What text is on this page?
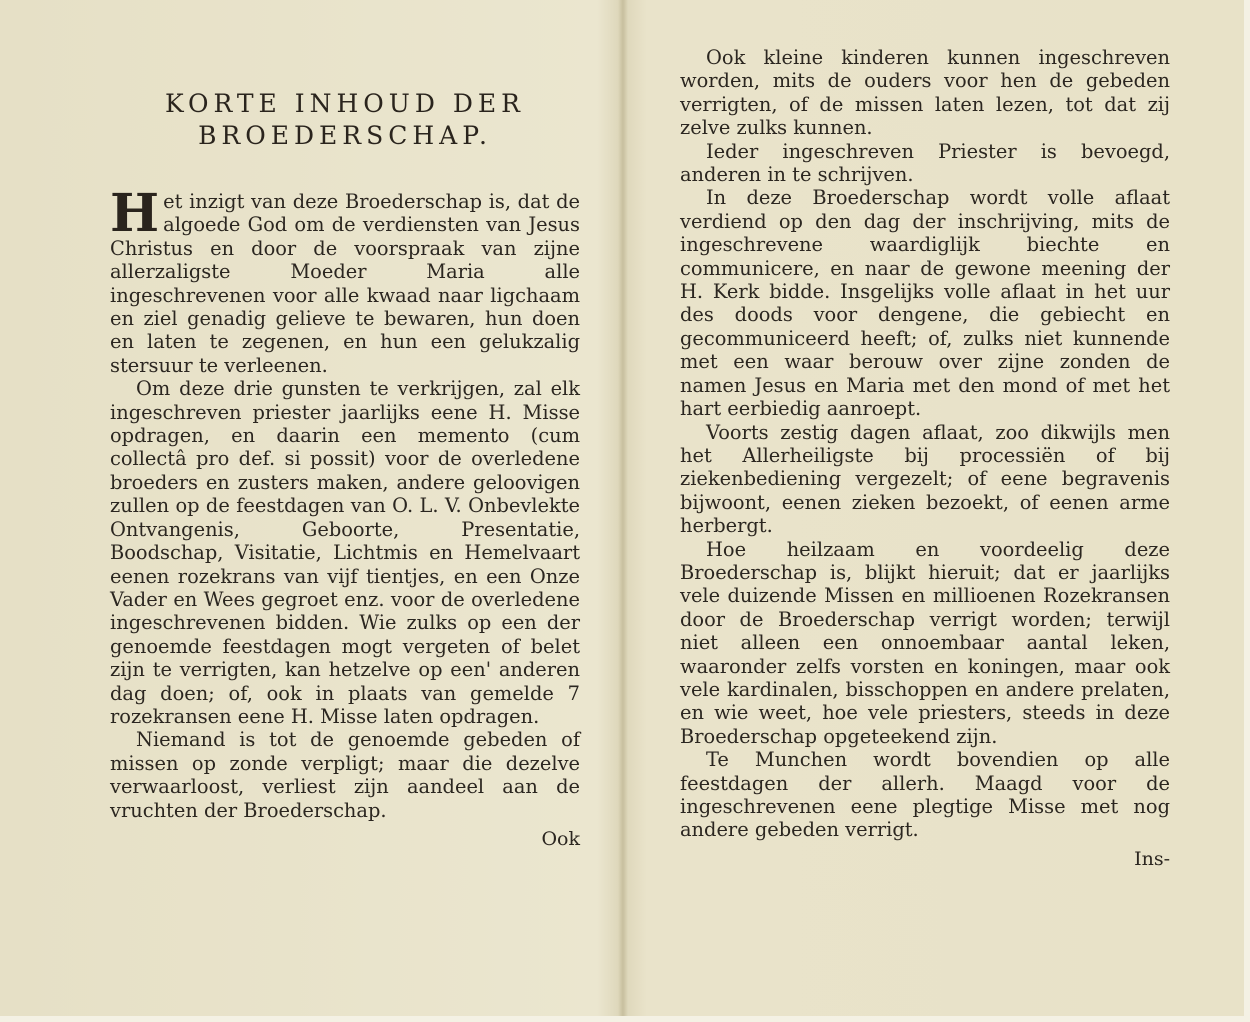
KORTE INHOUD DER
BROEDERSCHAP.

Het inzigt van deze Broederschap is, dat de algoede God om de verdiensten van Jesus Christus en door de voorspraak van zijne allerzaligste Moeder Maria alle ingeschrevenen voor alle kwaad naar ligchaam en ziel genadig gelieve te bewaren, hun doen en laten te zegenen, en hun een gelukzalig stersuur te verleenen.

Om deze drie gunsten te verkrijgen, zal elk ingeschreven priester jaarlijks eene H. Misse opdragen, en daarin een memento (cum collectâ pro def. si possit) voor de overledene broeders en zusters maken, andere geloovigen zullen op de feestdagen van O. L. V. Onbevlekte Ontvangenis, Geboorte, Presentatie, Boodschap, Visitatie, Lichtmis en Hemelvaart eenen rozekrans van vijf tientjes, en een Onze Vader en Wees gegroet enz. voor de overledene ingeschrevenen bidden. Wie zulks op een der genoemde feestdagen mogt vergeten of belet zijn te verrigten, kan hetzelve op een' anderen dag doen; of, ook in plaats van gemelde 7 rozekransen eene H. Misse laten opdragen.

Niemand is tot de genoemde gebeden of missen op zonde verpligt; maar die dezelve verwaarloost, verliest zijn aandeel aan de vruchten der Broederschap.

Ook

Ook kleine kinderen kunnen ingeschreven worden, mits de ouders voor hen de gebeden verrigten, of de missen laten lezen, tot dat zij zelve zulks kunnen.

Ieder ingeschreven Priester is bevoegd, anderen in te schrijven.

In deze Broederschap wordt volle aflaat verdiend op den dag der inschrijving, mits de ingeschrevene waardiglijk biechte en communicere, en naar de gewone meening der H. Kerk bidde. Insgelijks volle aflaat in het uur des doods voor dengene, die gebiecht en gecommuniceerd heeft; of, zulks niet kunnende met een waar berouw over zijne zonden de namen Jesus en Maria met den mond of met het hart eerbiedig aanroept.

Voorts zestig dagen aflaat, zoo dikwijls men het Allerheiligste bij processiën of bij ziekenbediening vergezelt; of eene begravenis bijwoont, eenen zieken bezoekt, of eenen arme herbergt.

Hoe heilzaam en voordeelig deze Broederschap is, blijkt hieruit; dat er jaarlijks vele duizende Missen en millioenen Rozekransen door de Broederschap verrigt worden; terwijl niet alleen een onnoembaar aantal leken, waaronder zelfs vorsten en koningen, maar ook vele kardinalen, bisschoppen en andere prelaten, en wie weet, hoe vele priesters, steeds in deze Broederschap opgeteekend zijn.

Te Munchen wordt bovendien op alle feestdagen der allerh. Maagd voor de ingeschrevenen eene plegtige Misse met nog andere gebeden verrigt.

Ins-
